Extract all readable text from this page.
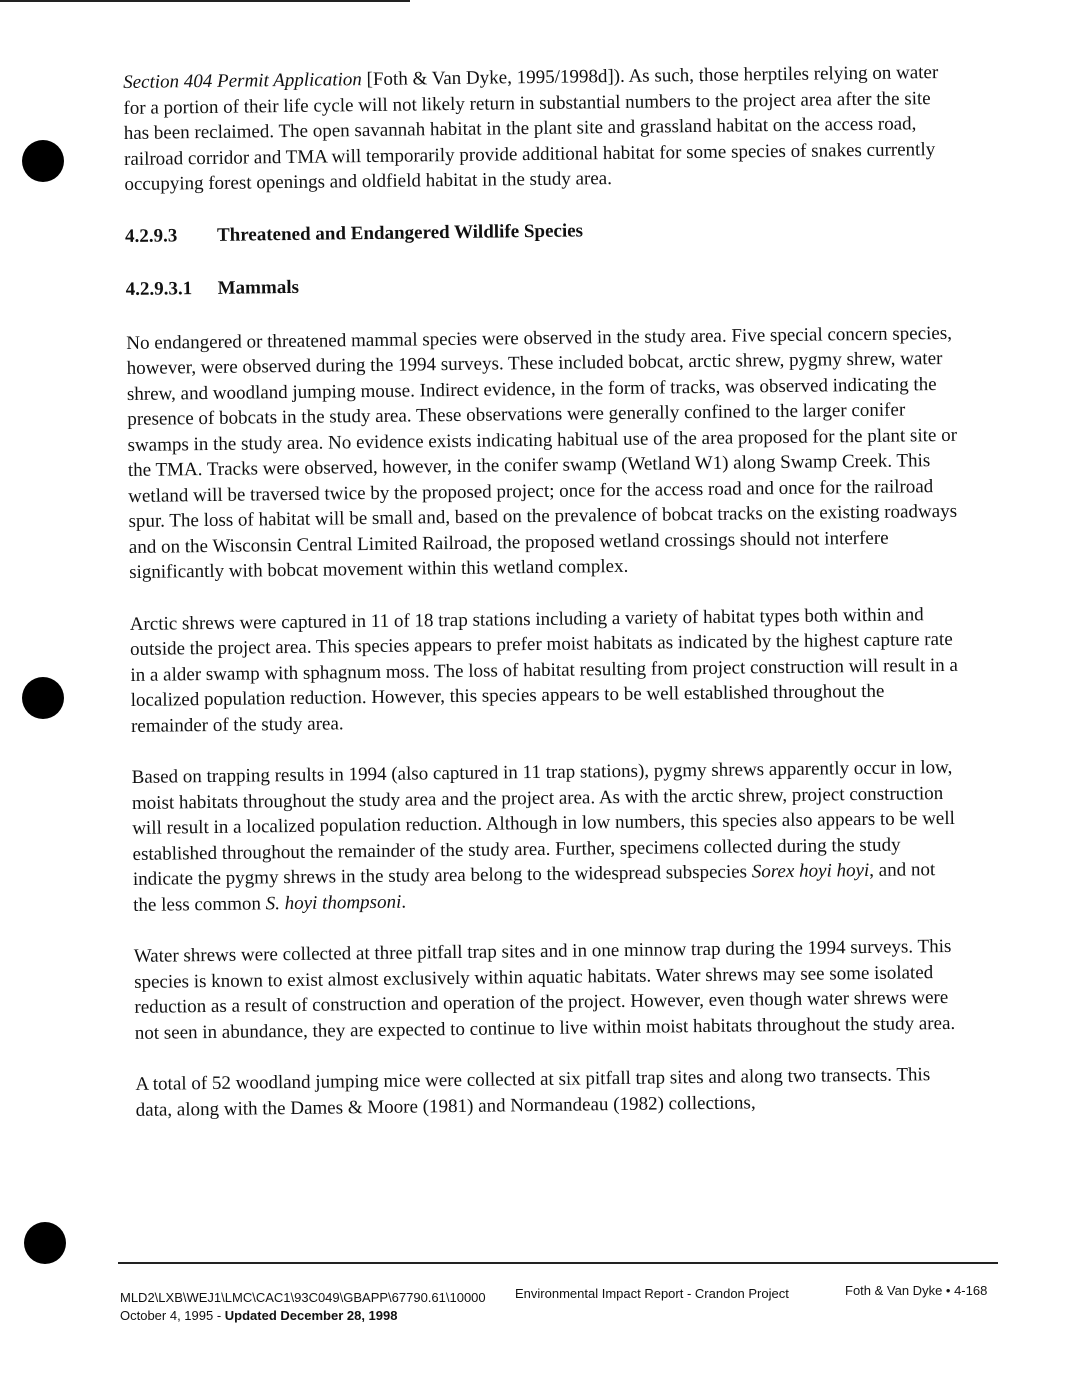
Section 404 Permit Application [Foth & Van Dyke, 1995/1998d]). As such, those herptiles relying on water for a portion of their life cycle will not likely return in substantial numbers to the project area after the site has been reclaimed. The open savannah habitat in the plant site and grassland habitat on the access road, railroad corridor and TMA will temporarily provide additional habitat for some species of snakes currently occupying forest openings and oldfield habitat in the study area.

4.2.9.3 Threatened and Endangered Wildlife Species
4.2.9.3.1 Mammals

No endangered or threatened mammal species were observed in the study area. Five special concern species, however, were observed during the 1994 surveys. These included bobcat, arctic shrew, pygmy shrew, water shrew, and woodland jumping mouse. Indirect evidence, in the form of tracks, was observed indicating the presence of bobcats in the study area. These observations were generally confined to the larger conifer swamps in the study area. No evidence exists indicating habitual use of the area proposed for the plant site or the TMA. Tracks were observed, however, in the conifer swamp (Wetland W1) along Swamp Creek. This wetland will be traversed twice by the proposed project; once for the access road and once for the railroad spur. The loss of habitat will be small and, based on the prevalence of bobcat tracks on the existing roadways and on the Wisconsin Central Limited Railroad, the proposed wetland crossings should not interfere significantly with bobcat movement within this wetland complex.

Arctic shrews were captured in 11 of 18 trap stations including a variety of habitat types both within and outside the project area. This species appears to prefer moist habitats as indicated by the highest capture rate in a alder swamp with sphagnum moss. The loss of habitat resulting from project construction will result in a localized population reduction. However, this species appears to be well established throughout the remainder of the study area.

Based on trapping results in 1994 (also captured in 11 trap stations), pygmy shrews apparently occur in low, moist habitats throughout the study area and the project area. As with the arctic shrew, project construction will result in a localized population reduction. Although in low numbers, this species also appears to be well established throughout the remainder of the study area. Further, specimens collected during the study indicate the pygmy shrews in the study area belong to the widespread subspecies Sorex hoyi hoyi, and not the less common S. hoyi thompsoni.

Water shrews were collected at three pitfall trap sites and in one minnow trap during the 1994 surveys. This species is known to exist almost exclusively within aquatic habitats. Water shrews may see some isolated reduction as a result of construction and operation of the project. However, even though water shrews were not seen in abundance, they are expected to continue to live within moist habitats throughout the study area.

A total of 52 woodland jumping mice were collected at six pitfall trap sites and along two transects. This data, along with the Dames & Moore (1981) and Normandeau (1982) collections,

MLD2\LXB\WEJ1\LMC\CAC1\93C049\GBAPP\67790.61\10000
October 4, 1995 - Updated December 28, 1998
Environmental Impact Report - Crandon Project	Foth & Van Dyke • 4-168
